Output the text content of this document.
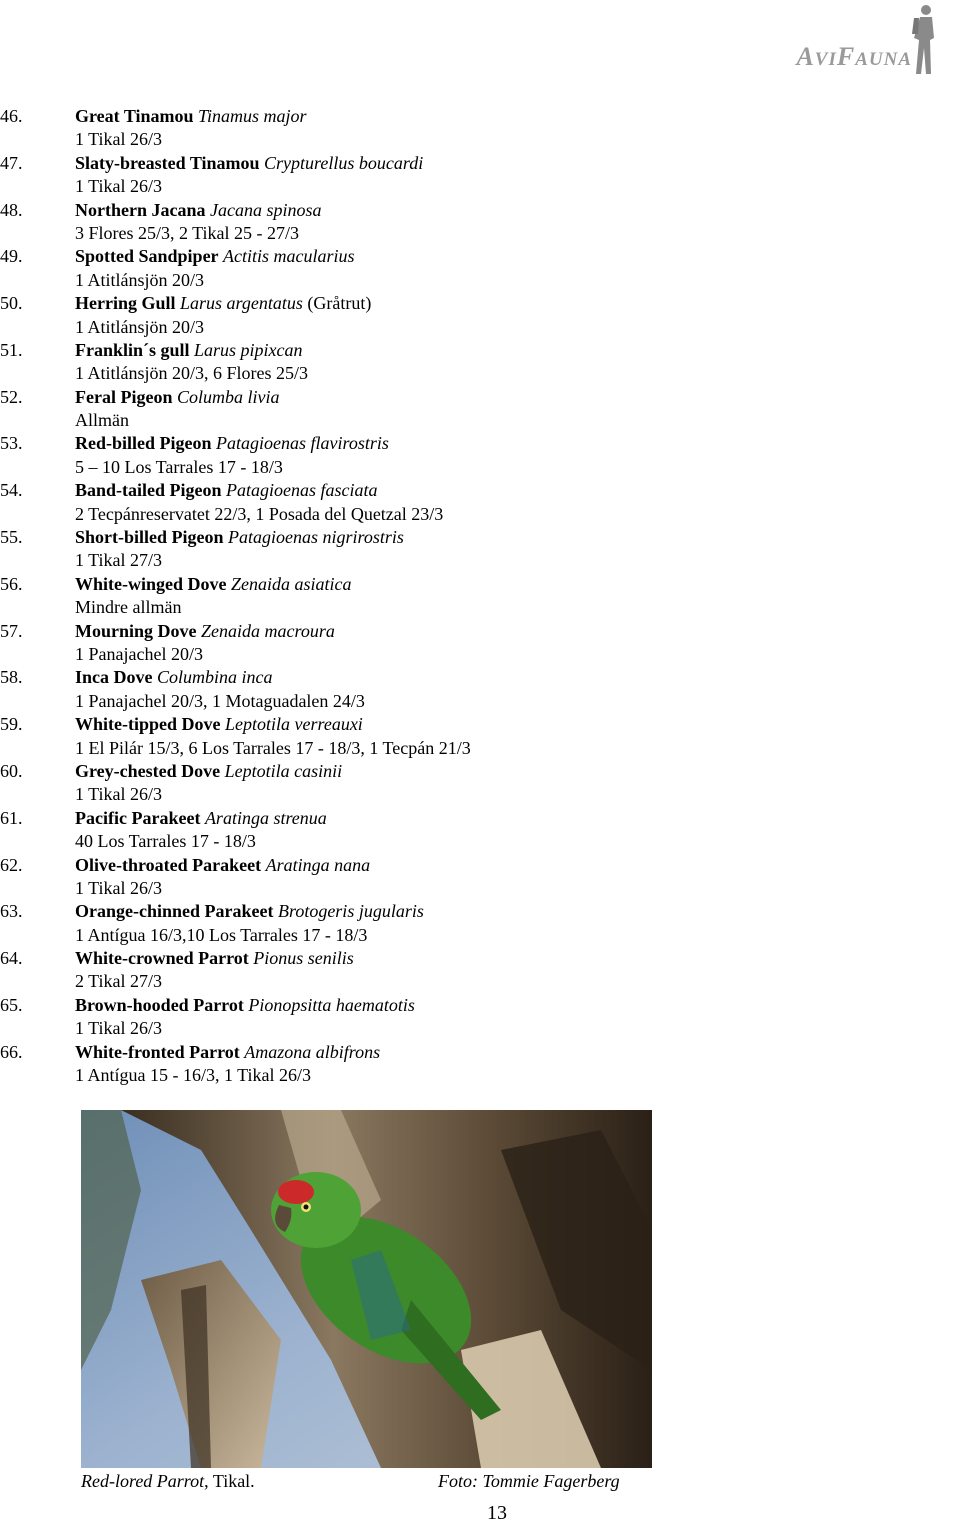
AVIFAUNA
46.	Great Tinamou Tinamus major
1 Tikal 26/3
47.	Slaty-breasted Tinamou Crypturellus boucardi
1 Tikal 26/3
48.	Northern Jacana Jacana spinosa
3 Flores 25/3, 2 Tikal 25 - 27/3
49.	Spotted Sandpiper Actitis macularius
1 Atitlánsjön 20/3
50.	Herring Gull Larus argentatus (Gråtrut)
1 Atitlánsjön 20/3
51.	Franklin´s gull Larus pipixcan
1 Atitlánsjön 20/3, 6 Flores 25/3
52.	Feral Pigeon Columba livia
Allmän
53.	Red-billed Pigeon Patagioenas flavirostris
5 – 10 Los Tarrales 17 - 18/3
54.	Band-tailed Pigeon Patagioenas fasciata
2 Tecpánreservatet 22/3, 1 Posada del Quetzal 23/3
55.	Short-billed Pigeon Patagioenas nigrirostris
1 Tikal 27/3
56.	White-winged Dove Zenaida asiatica
Mindre allmän
57.	Mourning Dove Zenaida macroura
1 Panajachel 20/3
58.	Inca Dove Columbina inca
1 Panajachel 20/3, 1 Motaguadalen 24/3
59.	White-tipped Dove Leptotila verreauxi
1 El Pilár 15/3, 6 Los Tarrales 17 - 18/3, 1 Tecpán 21/3
60.	Grey-chested Dove Leptotila casinii
1 Tikal 26/3
61.	Pacific Parakeet Aratinga strenua
40 Los Tarrales 17 - 18/3
62.	Olive-throated Parakeet Aratinga nana
1 Tikal 26/3
63.	Orange-chinned Parakeet Brotogeris jugularis
1 Antígua 16/3,10 Los Tarrales 17 - 18/3
64.	White-crowned Parrot Pionus senilis
2 Tikal 27/3
65.	Brown-hooded Parrot Pionopsitta haematotis
1 Tikal 26/3
66.	White-fronted Parrot Amazona albifrons
1 Antígua 15 - 16/3, 1 Tikal 26/3
Red-lored Parrot, Tikal.	Foto: Tommie Fagerberg
13
